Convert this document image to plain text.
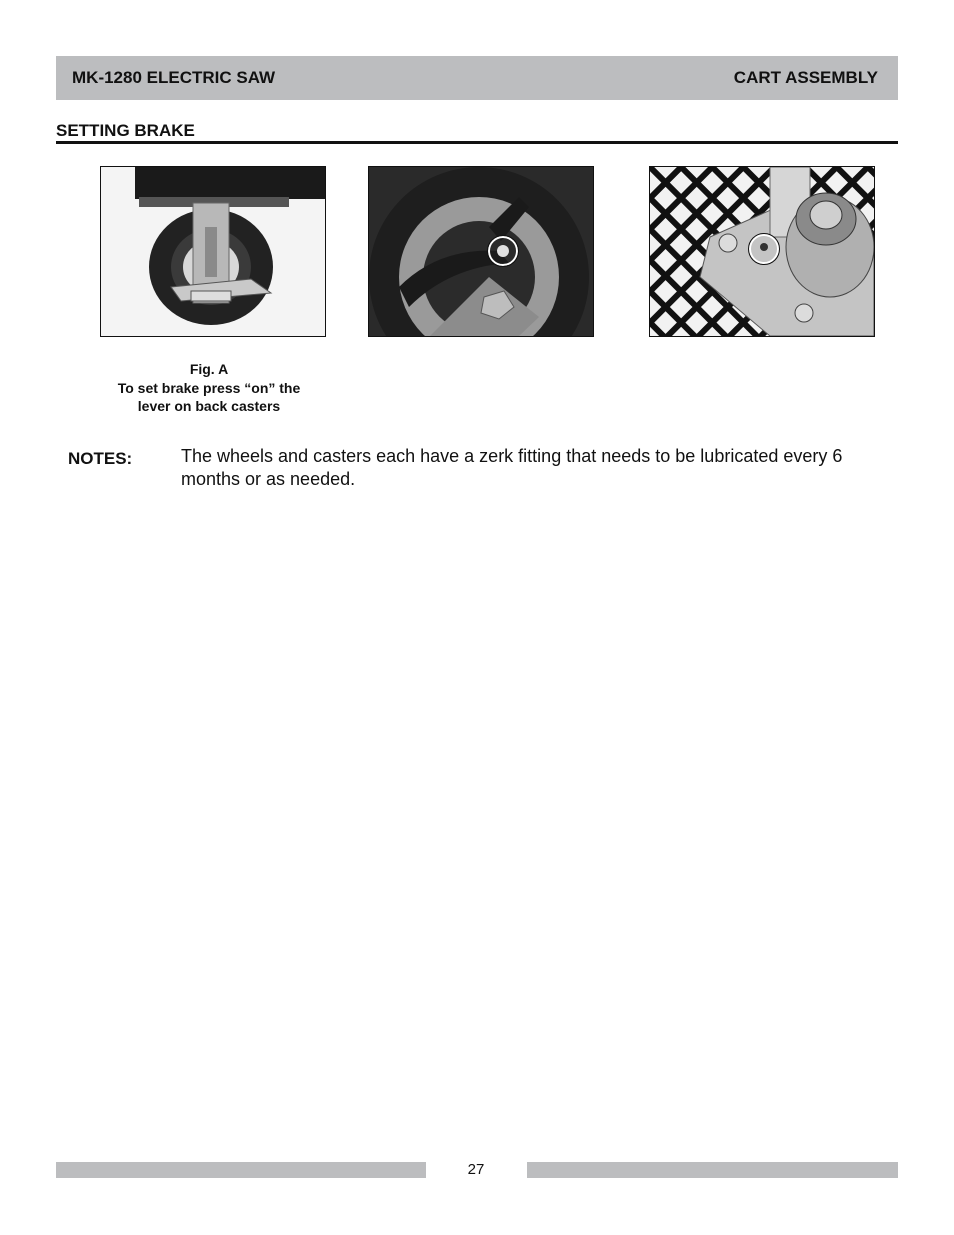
MK-1280 ELECTRIC SAW	CART ASSEMBLY
SETTING BRAKE
Fig. A
To set brake press “on” the
lever on back casters
NOTES:	The wheels and casters each have a zerk fitting that needs to be lubricated every 6 months or as needed.
27
